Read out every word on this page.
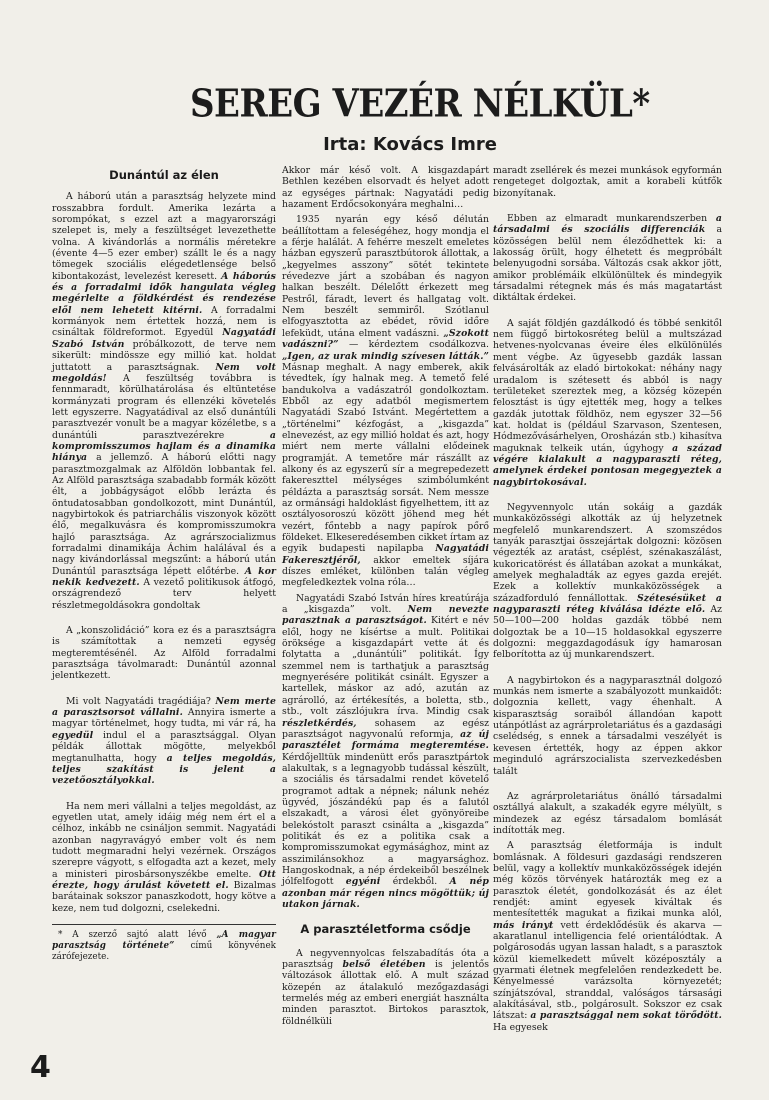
SEREG VEZÉR NÉLKÜL*
Irta: Kovács Imre
Dunántúl az élen

A háború után a parasztság helyzete mind rosszabbra fordult. Amerika lezárta a sorompókat, s ezzel azt a magyarországi szelepet is, mely a feszültséget levezethette volna. A kivándorlás a normális méretekre (évente 4—5 ezer ember) szállt le és a nagy tömegek szociális elégedetlensége belső kibontakozást, levelezést keresett. A háborús és a forradalmi idők hangulata végleg megérlelte a földkérdést és rendezése elől nem lehetett kitérni. A forradalmi kormányok nem értettek hozzá, nem is csináltak földreformot. Egyedül Nagyatádi Szabó István próbálkozott, de terve nem sikerült: mindössze egy millió kat. holdat juttatott a parasztságnak. Nem volt megoldás! A feszültség továbbra is fennmaradt, körülhatárolása és eltüntetése kormányzati program és ellenzéki követelés lett egyszerre. Nagyatádival az első dunántúli parasztvezér vonult be a magyar közéletbe, s a dunántúli parasztvezérekre a kompromisszumos hajlam és a dinamika hiánya a jellemző. A háború előtti nagy parasztmozgalmak az Alföldön lobbantak fel. Az Alföld parasztsága szabadabb formák között élt, a jobbágyságot előbb lerázta és öntudatosabban gondolkozott, mint Dunántúl, nagybirtokok és patriarchális viszonyok között élő, megalkuvásra és kompromisszumokra hajló parasztsága. Az agrárszocializmus forradalmi dinamikája Áchim halálával és a nagy kivándorlással megszűnt: a háború után Dunántúl parasztsága lépett előtérbe. A kor nekik kedvezett. A vezető politikusok átfogó, országrendező terv helyett részletmegoldásokra gondoltak

A „konszolidáció” kora ez és a parasztságra is számítottak a nemzeti egység megteremtésénél. Az Alföld forradalmi parasztsága távolmaradt: Dunántúl azonnal jelentkezett.

Mi volt Nagyatádi tragédiája? Nem merte a parasztsorsot vállalni. Annyira ismerte a magyar történelmet, hogy tudta, mi vár rá, ha egyedül indul el a parasztsággal. Olyan példák állottak mögötte, melyekből megtanulhatta, hogy a teljes megoldás, teljes szakítást is jelent a vezetőosztályokkal.

Ha nem meri vállalni a teljes megoldást, az egyetlen utat, amely idáig még nem ért el a célhoz, inkább ne csináljon semmit. Nagyatádi azonban nagyravágyó ember volt és nem tudott megmaradni helyi vezérnek. Országos szerepre vágyott, s elfogadta azt a kezet, mely a ministeri pirosbársonyszékbe emelte. Ott érezte, hogy árulást követett el. Bizalmas barátainak sokszor panaszkodott, hogy kötve a keze, nem tud dolgozni, cselekedni.

* A szerző sajtó alatt lévő „A magyar parasztság története” című könyvének zárófejezete.

Akkor már késő volt. A kisgazdapárt Bethlen kezében elsorvadt és helyet adott az egységes pártnak: Nagyatádi pedig hazament Erdőcsokonyára meghalni…

1935 nyarán egy késő délután beállítottam a feleségéhez, hogy mondja el a férje halálát. A fehérre meszelt emeletes házban egyszerű parasztbútorok állottak, a „kegyelmes asszony” sötét tekintete révedezve járt a szobában és nagyon halkan beszélt. Délelőtt érkezett meg Pestről, fáradt, levert és hallgatag volt. Nem beszélt semmiről. Szótlanul elfogyasztotta az ebédet, rövid időre lefeküdt, utána elment vadászni. „Szokott vadászni?” — kérdeztem csodálkozva. „Igen, az urak mindig szívesen látták.” Másnap meghalt. A nagy emberek, akik tévedtek, így halnak meg. A temető felé bandukolva a vadászatról gondolkoztam. Ebből az egy adatból megismertem Nagyatádi Szabó Istvánt. Megértettem a „történelmi” kézfogást, a „kisgazda” elnevezést, az egy millió holdat és azt, hogy miért nem merte vállalni elődeinek programját. A temetőre már rászállt az alkony és az egyszerű sír a megrepedezett fakereszttel mélységes szimbólumként példázta a parasztság sorsát. Nem messze az ormánsági haldoklást figyelhettem, itt az osztályosoroszú között jöhend meg hét vezért, főntebb a nagy papírok pőrő földeket. Elkeseredésemben cikket írtam az egyik budapesti napilapba Nagyatádi Fakeresztjéről, akkor emeltek síjára díszes emléket, különben talán végleg megfeledkeztek volna róla…

Nagyatádi Szabó István híres kreatúrája a „kisgazda” volt. Nem nevezte parasztnak a parasztságot. Kitért e név elől, hogy ne kísértse a mult. Politikai öröksége a kisgazdapárt vette át és folytatta a „dunántúli” politikát. Így szemmel nem is tarthatjuk a parasztság megnyerésére politikát csinált. Egyszer a kartellek, máskor az adó, azután az agrárolló, az értékesítés, a boletta, stb., stb., volt zászlójukra írva. Mindig csak részletkérdés, sohasem az egész parasztságot nagyvonalú reformja, az új parasztélet formáma megteremtése. Kérdőjelltük mindenütt erős parasztpártok alakultak, s a legnagyobb tudással készült, a szociális és társadalmi rendet követelő programot adtak a népnek; nálunk nehéz ügyvéd, jószándékú pap és a falutól elszakadt, a városi élet gyönyöreibe belekóstolt paraszt csinálta a „kisgazda” politikát és ez a politika csak a kompromisszumokat egymásághoz, mint az asszimilánsokhoz a magyarsághoz. Hangoskodnak, a nép érdekeiből beszélnek jólfelfogott egyéni érdekből. A nép azonban már régen nincs mögöttük; új utakon járnak.

A parasztéletforma csődje

A negyvennyolcas felszabadítás óta a parasztság belső életében is jelentős változások állottak elő. A mult század közepén az átalakuló mezőgazdasági termelés még az emberi energiát használta minden parasztot. Birtokos parasztok, földnélküli

maradt zsellérek és mezei munkások egyformán rengeteget dolgoztak, amit a korabeli kútfők bizonyítanak.

Ebben az elmaradt munkarendszerben a társadalmi és szociális differenciák a közösségen belül nem éleződhettek ki: a lakosság örült, hogy élhetett és megpróbált belenyugodni sorsába. Változás csak akkor jött, amikor problémáik elkülönültek és mindegyik társadalmi rétegnek más és más magatartást diktáltak érdekei.

A saját földjén gazdálkodó és többé senkitől nem függő birtokosréteg belül a multszázad hetvenes-nyolcvanas éveire éles elkülönülés ment végbe. Az ügyesebb gazdák lassan felvásárolták az eladó birtokokat: néhány nagy uradalom is szétesett és abból is nagy területeket szereztek meg, a község közepén felosztást is úgy ejtették meg, hogy a telkes gazdák jutottak földhöz, nem egyszer 32—56 kat. holdat is (például Szarvason, Szentesen, Hódmezővásárhelyen, Orosházán stb.) kihasítva maguknak telkeik után, úgyhogy a század végére kialakult a nagyparaszti réteg, amelynek érdekei pontosan megegyeztek a nagybirtokosával.

Negyvennyolc után sokáig a gazdák munkaközösségi alkották az új helyzetnek megfelelő munkarendszert. A szomszédos tanyák parasztjai összejártak dolgozni: közösen végezték az aratást, cséplést, szénakaszálást, kukoricatörést és állatában azokat a munkákat, amelyek meghaladták az egyes gazda erejét. Ezek a kollektív munkaközösségek a századforduló fennállottak. Szétesésüket a nagyparaszti réteg kiválása idézte elő. Az 50—100—200 holdas gazdák többé nem dolgoztak be a 10—15 holdasokkal egyszerre dolgozni: meggazdagodásuk így hamarosan felborította az új munkarendszert.

A nagybirtokon és a nagyparasztnál dolgozó munkás nem ismerte a szabályozott munkaidőt: dolgoznia kellett, vagy éhenhalt. A kisparasztság soraiból állandóan kapott utánpótlást az agrárproletariátus és a gazdasági cselédség, s ennek a társadalmi veszélyét is kevesen értették, hogy az éppen akkor meginduló agrárszocialista szervezkedésben talált

Az agrárproletariátus önálló társadalmi osztállyá alakult, a szakadék egyre mélyült, s mindezek az egész társadalom bomlását indították meg.

A parasztság életformája is indult bomlásnak. A földesuri gazdasági rendszeren belül, vagy a kollektív munkaközösségek idején még közös törvények határozták meg ez a parasztok életét, gondolkozását és az élet rendjét: amint egyesek kiváltak és mentesítették magukat a fizikai munka alól, más irányt vett érdeklődésük és akarva — akaratlanul intelligencia felé orientálódtak. A polgárosodás ugyan lassan haladt, s a parasztok közül kiemelkedett művelt középosztály a gyarmati életnek megfelelően rendezkedett be. Kényelmessé varázsolta környezetét; színjátszóval, stranddal, valóságos társasági alakításával, stb., polgárosult. Sokszor ez csak látszat: a parasztsággal nem sokat törődött. Ha egyesek

4
